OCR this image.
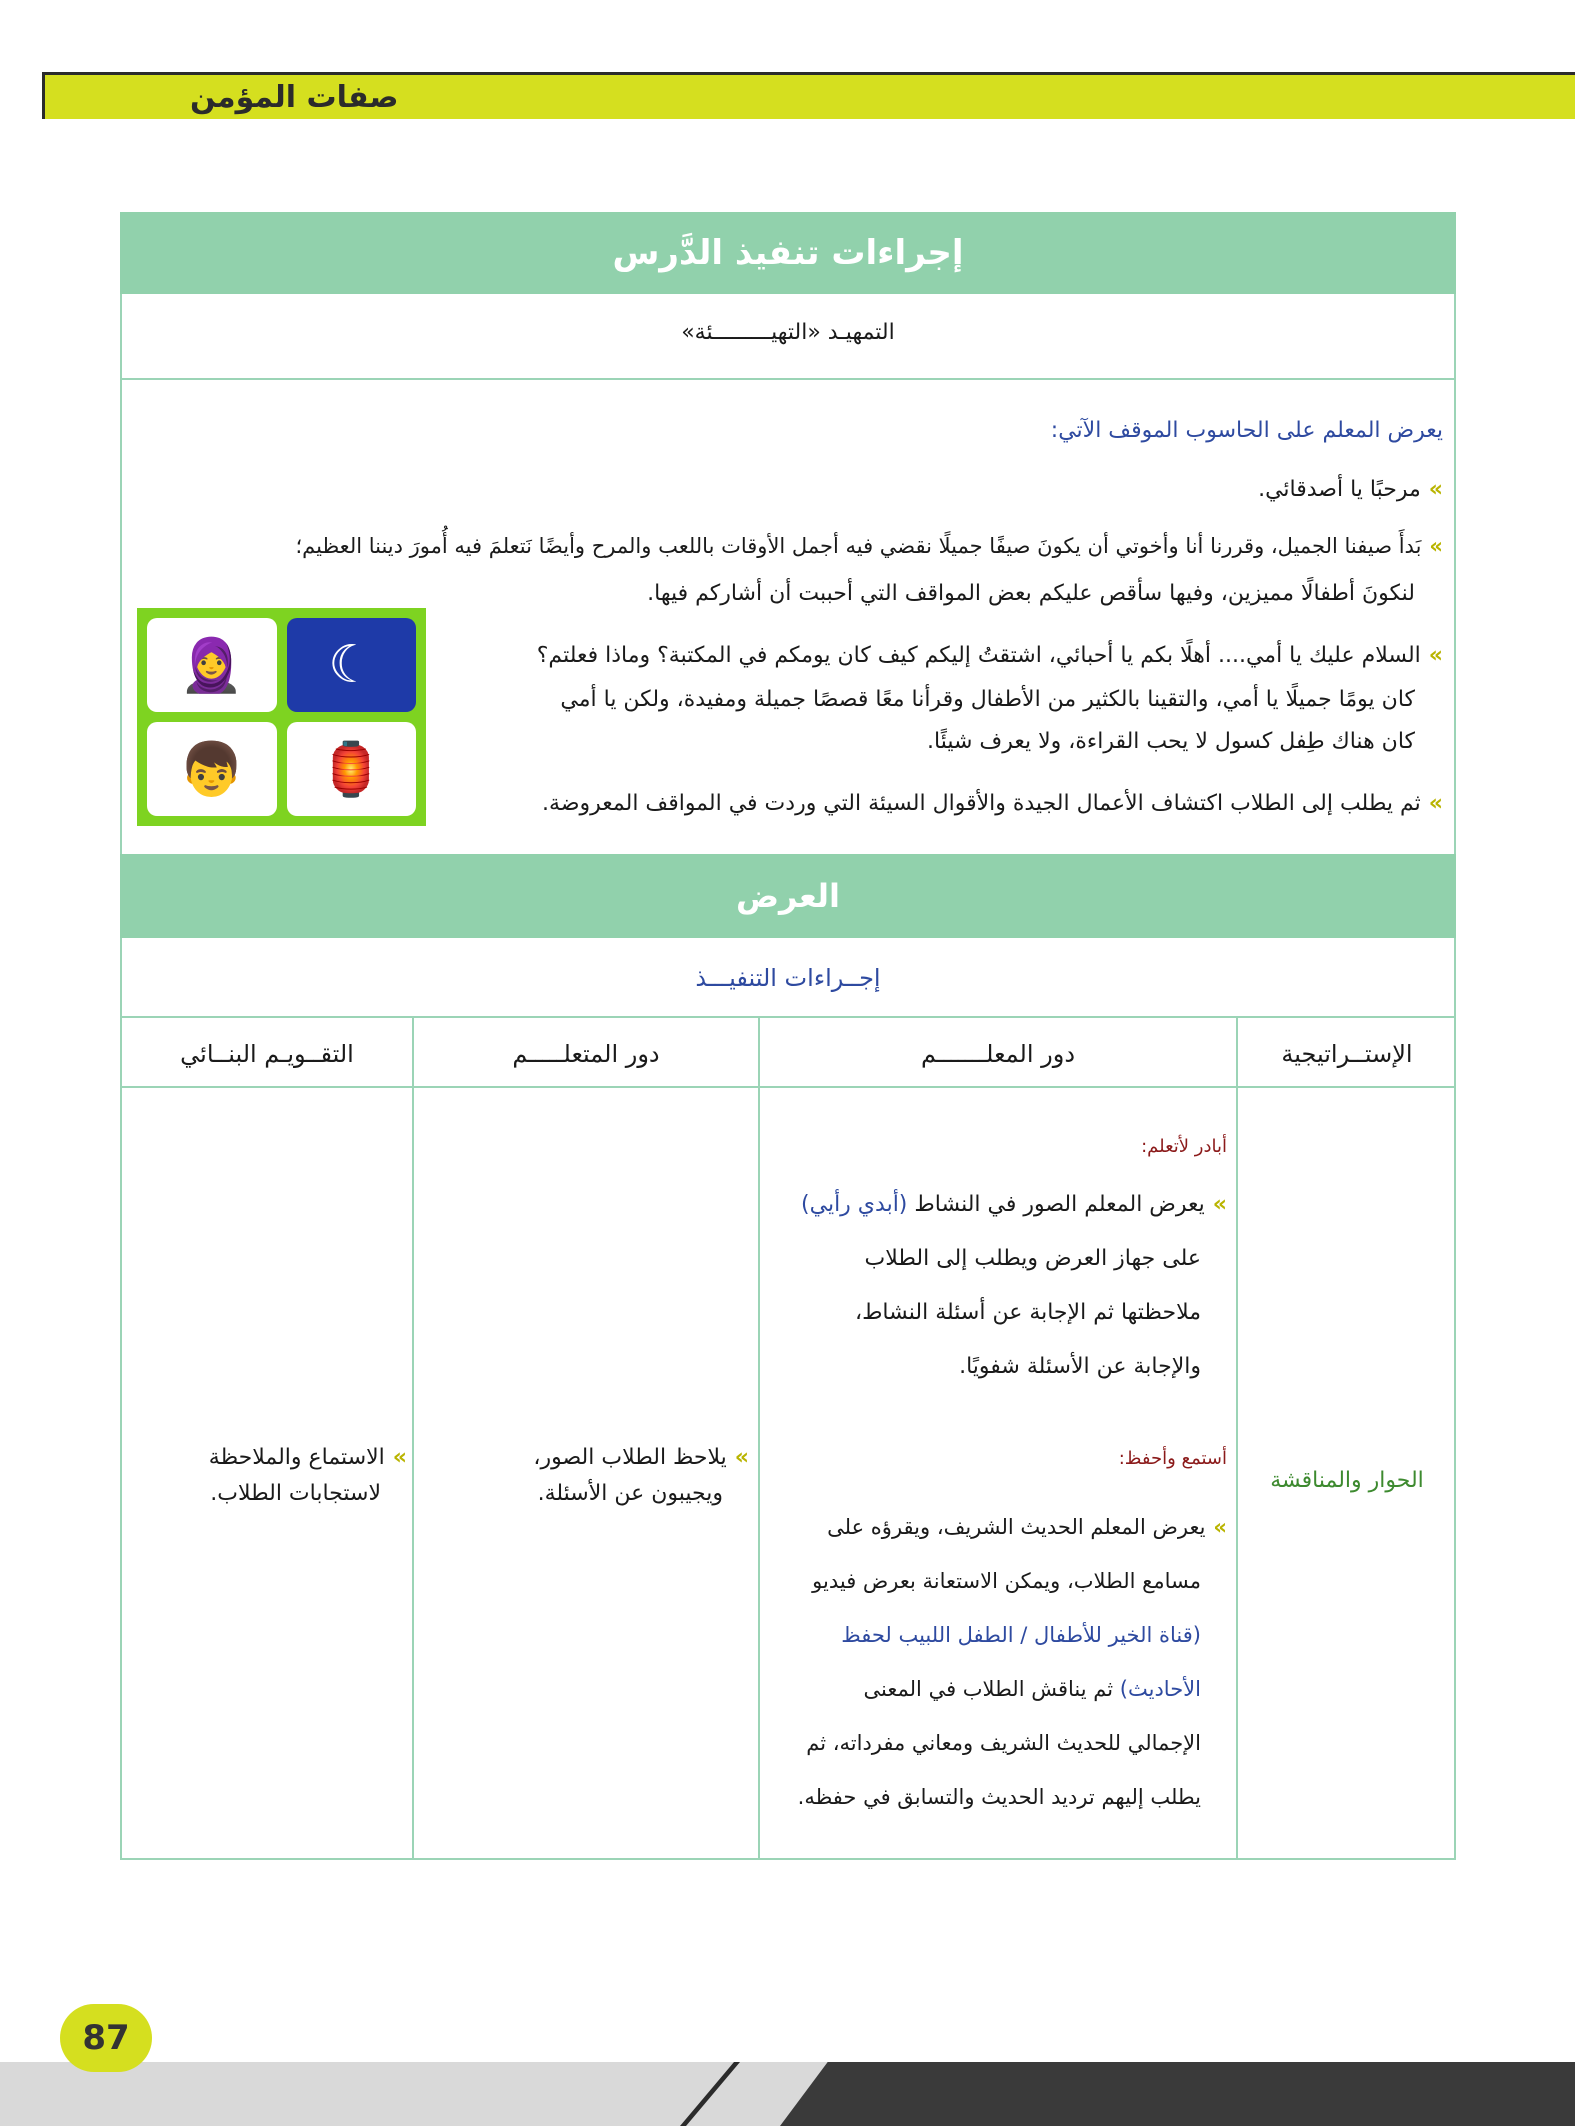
صفات المؤمن
إجراءات تنفيذ الدَّرس
العرض
التمهيـد «التهيـــــــــئة»
يعرض المعلم على الحاسوب الموقف الآتي:
»مرحبًا يا أصدقائي.
»بَدأَ صيفنا الجميل، وقررنا أنا وأخوتي أن يكونَ صيفًا جميلًا نقضي فيه أجمل الأوقات باللعب والمرح وأيضًا نَتعلمَ فيه أُمورَ ديننا العظيم؛
لنكونَ أطفالًا مميزين، وفيها سأقص عليكم بعض المواقف التي أحببت أن أشاركم فيها.
»السلام عليك يا أمي.... أهلًا بكم يا أحبائي، اشتقتُ إليكم كيف كان يومكم في المكتبة؟ وماذا فعلتم؟
كان يومًا جميلًا يا أمي، والتقينا بالكثير من الأطفال وقرأنا معًا قصصًا جميلة ومفيدة، ولكن يا أمي
كان هناك طِفل كسول لا يحب القراءة، ولا يعرف شيئًا.
»ثم يطلب إلى الطلاب اكتشاف الأعمال الجيدة والأقوال السيئة التي وردت في المواقف المعروضة.
🧕	☾
👦	🏮
إجــراءات التنفيـــذ
الإستــراتيجية
دور المعلـــــــم
دور المتعلـــــم
التقــويـم البنــائي
الحوار والمناقشة
أبادر لأتعلم:
»يعرض المعلم الصور في النشاط (أبدي رأيي)
على جهاز العرض ويطلب إلى الطلاب
ملاحظتها ثم الإجابة عن أسئلة النشاط،
والإجابة عن الأسئلة شفويًا.
أستمع وأحفظ:
»يعرض المعلم الحديث الشريف، ويقرؤه على
مسامع الطلاب، ويمكن الاستعانة بعرض فيديو
(قناة الخير للأطفال / الطفل اللبيب لحفظ
الأحاديث) ثم يناقش الطلاب في المعنى
الإجمالي للحديث الشريف ومعاني مفرداته، ثم
يطلب إليهم ترديد الحديث والتسابق في حفظه.
»يلاحظ الطلاب الصور،
ويجيبون عن الأسئلة.
»الاستماع والملاحظة
لاستجابات الطلاب.
87
